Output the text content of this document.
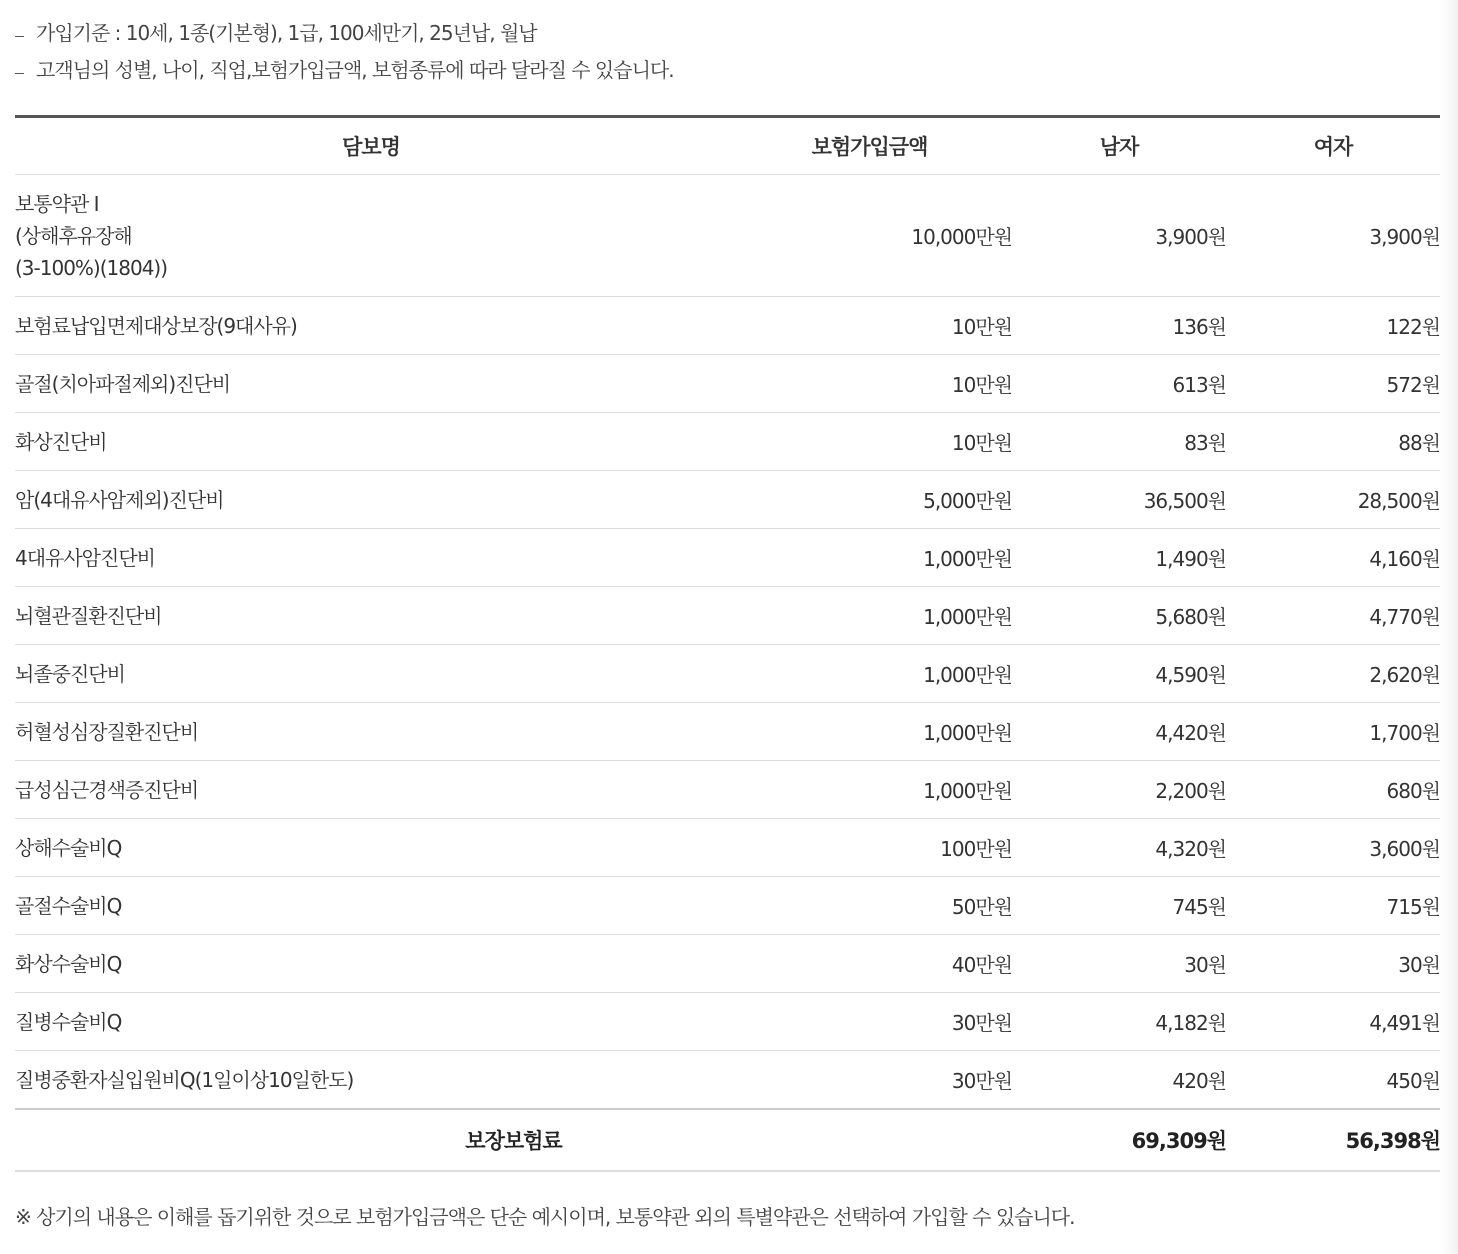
가입기준 : 10세, 1종(기본형), 1급, 100세만기, 25년납, 월납
고객님의 성별, 나이, 직업,보험가입금액, 보험종류에 따라 달라질 수 있습니다.
담보명	보험가입금액	남자	여자

보통약관 Ⅰ
(상해후유장해
(3-100%)(1804))	10,000만원	3,900원	3,900원
보험료납입면제대상보장(9대사유)	10만원	136원	122원
골절(치아파절제외)진단비	10만원	613원	572원
화상진단비	10만원	83원	88원
암(4대유사암제외)진단비	5,000만원	36,500원	28,500원
4대유사암진단비	1,000만원	1,490원	4,160원
뇌혈관질환진단비	1,000만원	5,680원	4,770원
뇌졸중진단비	1,000만원	4,590원	2,620원
허혈성심장질환진단비	1,000만원	4,420원	1,700원
급성심근경색증진단비	1,000만원	2,200원	680원
상해수술비Q	100만원	4,320원	3,600원
골절수술비Q	50만원	745원	715원
화상수술비Q	40만원	30원	30원
질병수술비Q	30만원	4,182원	4,491원
질병중환자실입원비Q(1일이상10일한도)	30만원	420원	450원
보장보험료		69,309원	56,398원
※ 상기의 내용은 이해를 돕기위한 것으로 보험가입금액은 단순 예시이며, 보통약관 외의 특별약관은 선택하여 가입할 수 있습니다.
